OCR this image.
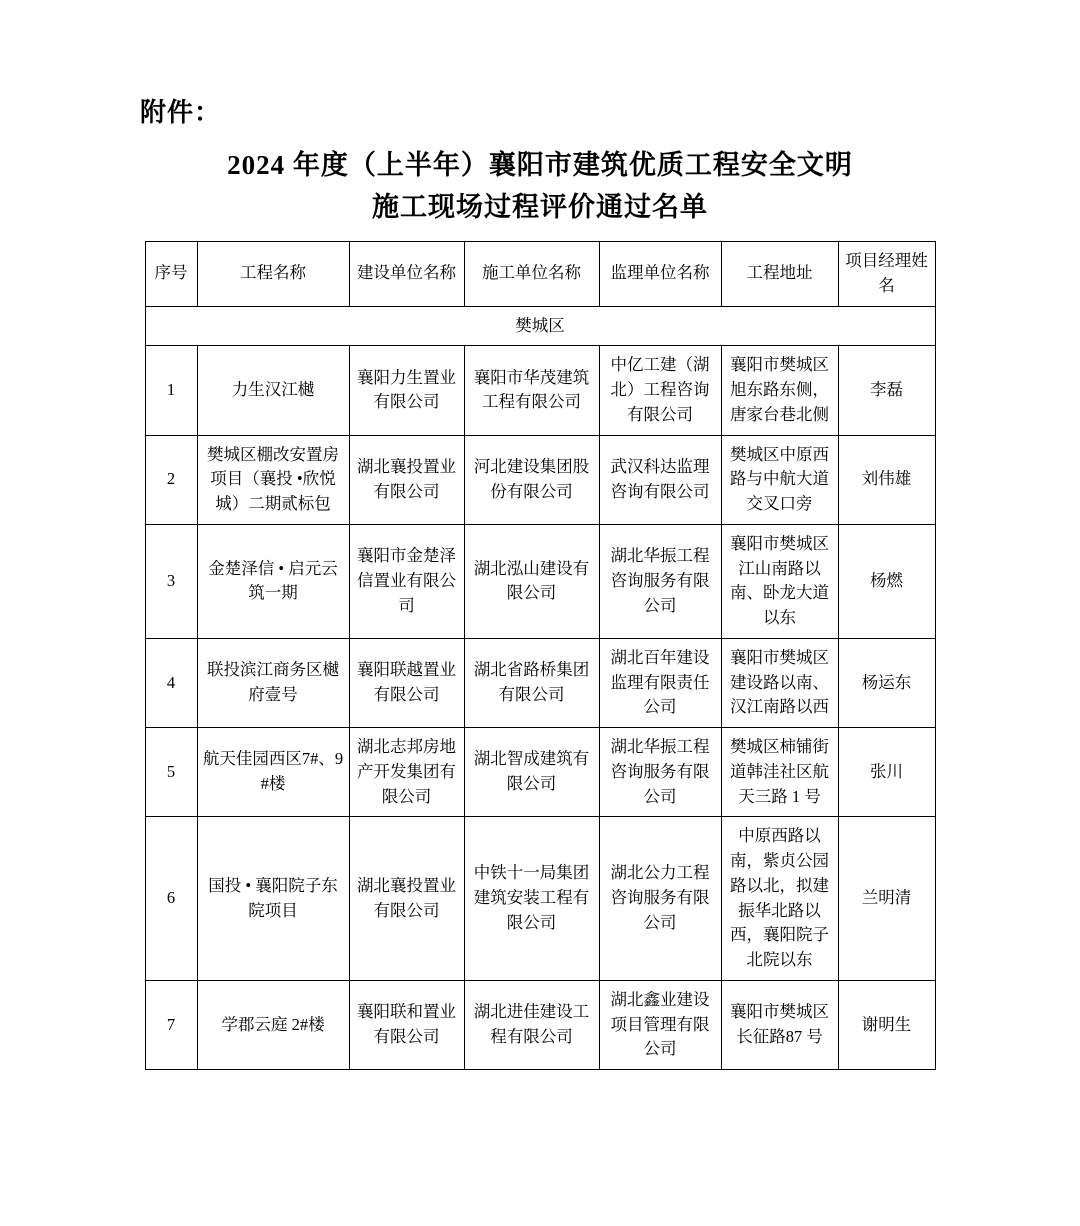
附件：
2024 年度（上半年）襄阳市建筑优质工程安全文明
施工现场过程评价通过名单
序号	工程名称	建设单位名称	施工单位名称	监理单位名称	工程地址	项目经理姓名
樊城区						
1	力生汉江樾	襄阳力生置业有限公司	襄阳市华茂建筑工程有限公司	中亿工建（湖北）工程咨询有限公司	襄阳市樊城区旭东路东侧，唐家台巷北侧	李磊
2	樊城区棚改安置房项目（襄投 •欣悦城）二期贰标包	湖北襄投置业有限公司	河北建设集团股份有限公司	武汉科达监理咨询有限公司	樊城区中原西路与中航大道交叉口旁	刘伟雄
3	金楚泽信 • 启元云筑一期	襄阳市金楚泽信置业有限公司	湖北泓山建设有限公司	湖北华振工程咨询服务有限公司	襄阳市樊城区江山南路以南、卧龙大道以东	杨燃
4	联投滨江商务区樾府壹号	襄阳联越置业有限公司	湖北省路桥集团有限公司	湖北百年建设监理有限责任公司	襄阳市樊城区建设路以南、汉江南路以西	杨运东
5	航天佳园西区7#、9#楼	湖北志邦房地产开发集团有限公司	湖北智成建筑有限公司	湖北华振工程咨询服务有限公司	樊城区柿铺街道韩洼社区航天三路 1 号	张川
6	国投 • 襄阳院子东院项目	湖北襄投置业有限公司	中铁十一局集团建筑安装工程有限公司	湖北公力工程咨询服务有限公司	中原西路以南，紫贞公园路以北，拟建振华北路以西，襄阳院子北院以东	兰明清
7	学郡云庭 2#楼	襄阳联和置业有限公司	湖北进佳建设工程有限公司	湖北鑫业建设项目管理有限公司	襄阳市樊城区长征路87 号	谢明生
